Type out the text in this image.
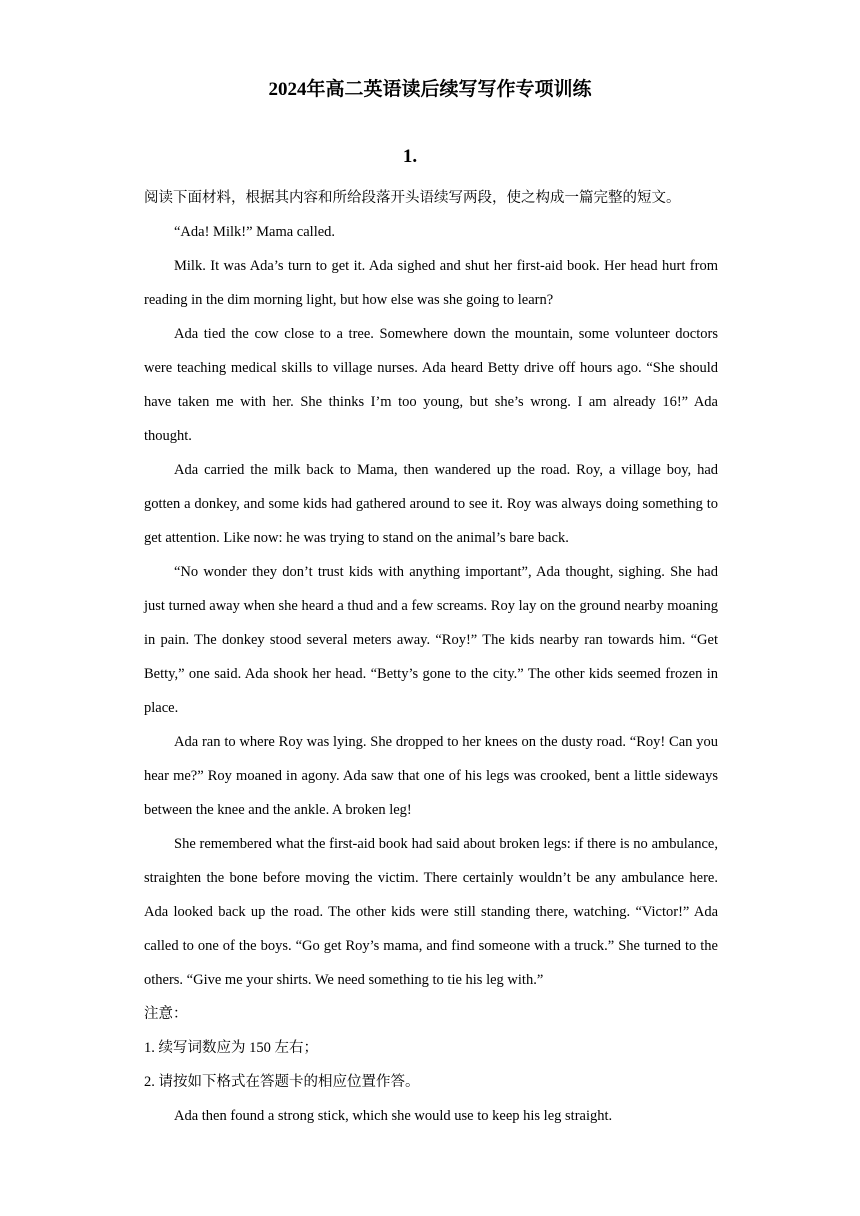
2024年高二英语读后续写写作专项训练
1.

阅读下面材料，根据其内容和所给段落开头语续写两段，使之构成一篇完整的短文。

“Ada! Milk!” Mama called.

Milk. It was Ada’s turn to get it. Ada sighed and shut her first-aid book. Her head hurt from reading in the dim morning light, but how else was she going to learn?

Ada tied the cow close to a tree. Somewhere down the mountain, some volunteer doctors were teaching medical skills to village nurses. Ada heard Betty drive off hours ago. “She should have taken me with her. She thinks I’m too young, but she’s wrong. I am already 16!” Ada thought.

Ada carried the milk back to Mama, then wandered up the road. Roy, a village boy, had gotten a donkey, and some kids had gathered around to see it. Roy was always doing something to get attention. Like now: he was trying to stand on the animal’s bare back.

“No wonder they don’t trust kids with anything important”, Ada thought, sighing. She had just turned away when she heard a thud and a few screams. Roy lay on the ground nearby moaning in pain. The donkey stood several meters away. “Roy!” The kids nearby ran towards him. “Get Betty,” one said. Ada shook her head. “Betty’s gone to the city.” The other kids seemed frozen in place.

Ada ran to where Roy was lying. She dropped to her knees on the dusty road. “Roy! Can you hear me?” Roy moaned in agony. Ada saw that one of his legs was crooked, bent a little sideways between the knee and the ankle. A broken leg!

She remembered what the first-aid book had said about broken legs: if there is no ambulance, straighten the bone before moving the victim. There certainly wouldn’t be any ambulance here. Ada looked back up the road. The other kids were still standing there, watching. “Victor!” Ada called to one of the boys. “Go get Roy’s mama, and find someone with a truck.” She turned to the others. “Give me your shirts. We need something to tie his leg with.”

注意：

1. 续写词数应为 150 左右；

2. 请按如下格式在答题卡的相应位置作答。

Ada then found a strong stick, which she would use to keep his leg straight.
